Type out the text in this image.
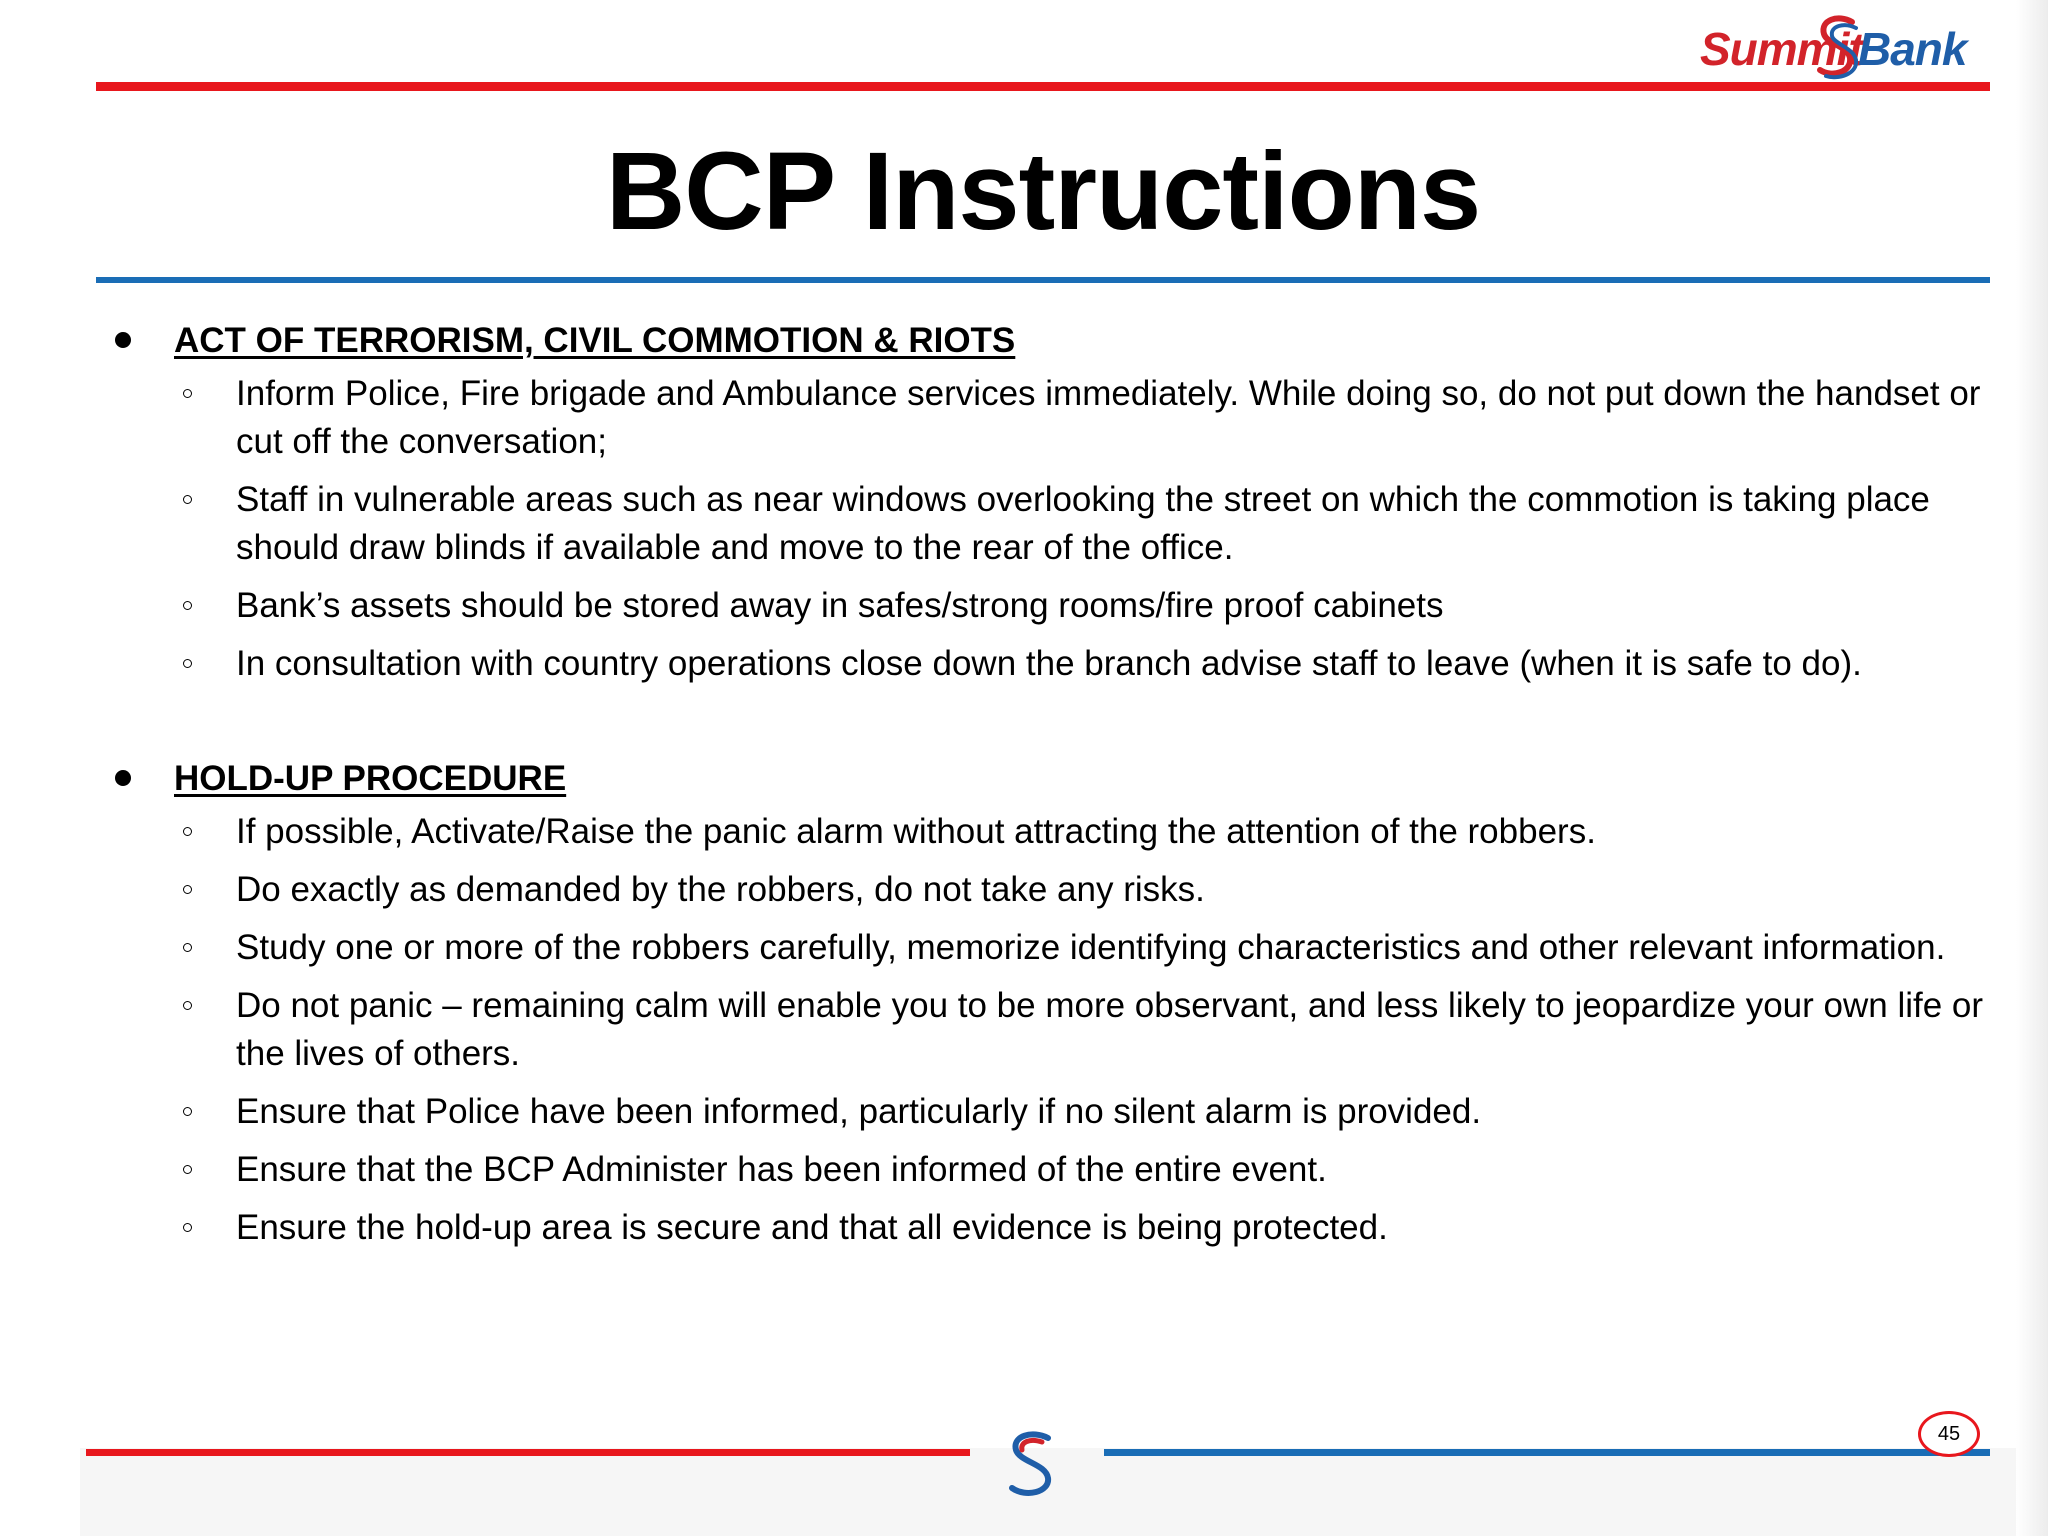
Summit
Bank
BCP Instructions
ACT OF TERRORISM, CIVIL COMMOTION & RIOTS
Inform Police, Fire brigade and Ambulance services immediately. While doing so, do not put down the handset or cut off the conversation;
Staff in vulnerable areas such as near windows overlooking the street on which the commotion is taking place should draw blinds if available and move to the rear of the office.
Bank’s assets should be stored away in safes/strong rooms/fire proof cabinets
In consultation with country operations close down the branch advise staff to leave (when it is safe to do).
HOLD-UP PROCEDURE
If possible, Activate/Raise the panic alarm without attracting the attention of the robbers.
Do exactly as demanded by the robbers, do not take any risks.
Study one or more of the robbers carefully, memorize identifying characteristics and other relevant information.
Do not panic – remaining calm will enable you to be more observant, and less likely to jeopardize your own life or the lives of others.
Ensure that Police have been informed, particularly if no silent alarm is provided.
Ensure that the BCP Administer has been informed of the entire event.
Ensure the hold-up area is secure and that all evidence is being protected.
45
